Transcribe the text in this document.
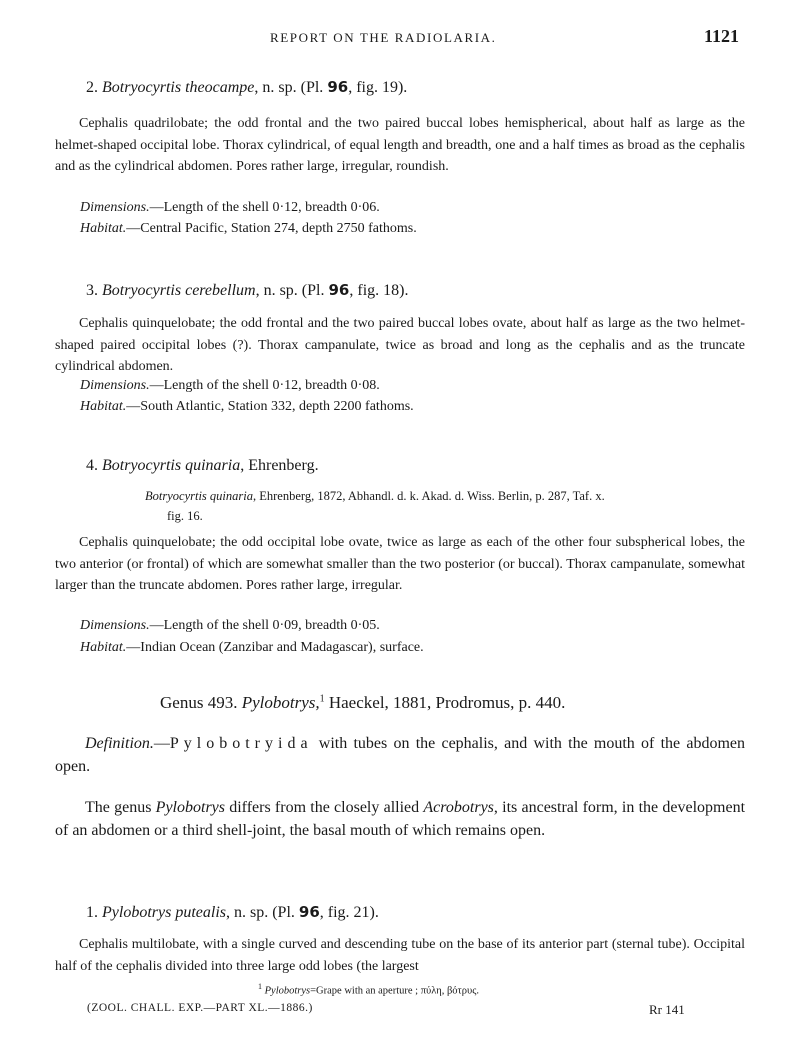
REPORT ON THE RADIOLARIA.	1121
2. Botryocyrtis theocampe, n. sp. (Pl. 96, fig. 19).
Cephalis quadrilobate; the odd frontal and the two paired buccal lobes hemispherical, about half as large as the helmet-shaped occipital lobe. Thorax cylindrical, of equal length and breadth, one and a half times as broad as the cephalis and as the cylindrical abdomen. Pores rather large, irregular, roundish.
Dimensions.—Length of the shell 0·12, breadth 0·06.
Habitat.—Central Pacific, Station 274, depth 2750 fathoms.
3. Botryocyrtis cerebellum, n. sp. (Pl. 96, fig. 18).
Cephalis quinquelobate; the odd frontal and the two paired buccal lobes ovate, about half as large as the two helmet-shaped paired occipital lobes (?). Thorax campanulate, twice as broad and long as the cephalis and as the truncate cylindrical abdomen.
Dimensions.—Length of the shell 0·12, breadth 0·08.
Habitat.—South Atlantic, Station 332, depth 2200 fathoms.
4. Botryocyrtis quinaria, Ehrenberg.
Botryocyrtis quinaria, Ehrenberg, 1872, Abhandl. d. k. Akad. d. Wiss. Berlin, p. 287, Taf. x.
fig. 16.
Cephalis quinquelobate; the odd occipital lobe ovate, twice as large as each of the other four subspherical lobes, the two anterior (or frontal) of which are somewhat smaller than the two posterior (or buccal). Thorax campanulate, somewhat larger than the truncate abdomen. Pores rather large, irregular.
Dimensions.—Length of the shell 0·09, breadth 0·05.
Habitat.—Indian Ocean (Zanzibar and Madagascar), surface.
Genus 493. Pylobotrys,$^1$ Haeckel, 1881, Prodromus, p. 440.
Definition.—Pylobotryida with tubes on the cephalis, and with the mouth of the abdomen open.
The genus Pylobotrys differs from the closely allied Acrobotrys, its ancestral form, in the development of an abdomen or a third shell-joint, the basal mouth of which remains open.
1. Pylobotrys putealis, n. sp. (Pl. 96, fig. 21).
Cephalis multilobate, with a single curved and descending tube on the base of its anterior part (sternal tube). Occipital half of the cephalis divided into three large odd lobes (the largest
$^1$ Pylobotrys=Grape with an aperture ; πύλη, βότρυς.
(ZOOL. CHALL. EXP.—PART XL.—1886.)	Rr 141
